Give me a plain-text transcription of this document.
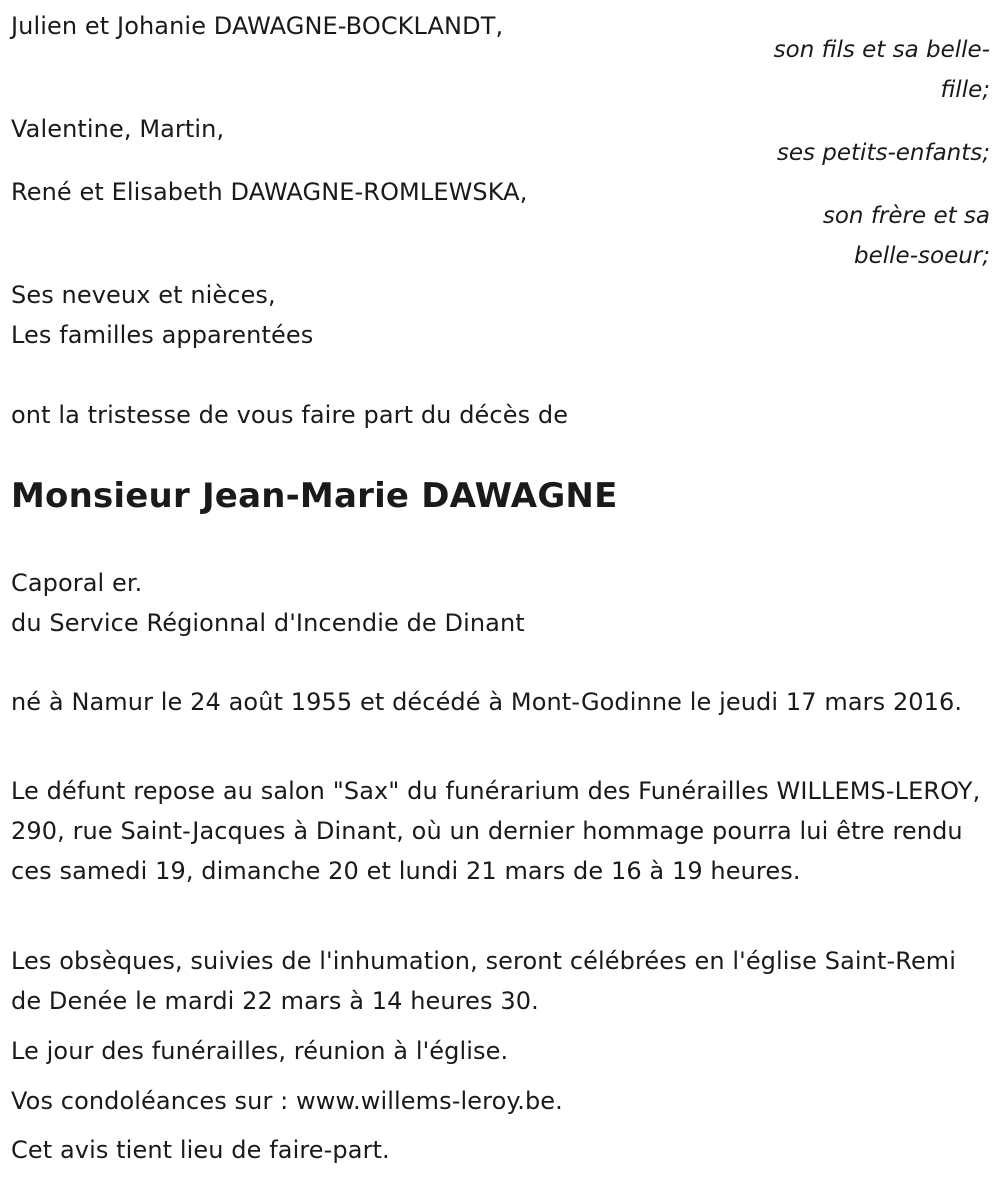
Julien et Johanie DAWAGNE-BOCKLANDT,
son fils et sa belle-
fille;
Valentine, Martin,
ses petits-enfants;
René et Elisabeth DAWAGNE-ROMLEWSKA,
son frère et sa
belle-soeur;
Ses neveux et nièces,
Les familles apparentées
ont la tristesse de vous faire part du décès de
Monsieur Jean-Marie DAWAGNE
Caporal er.
du Service Régionnal d'Incendie de Dinant
né à Namur le 24 août 1955 et décédé à Mont-Godinne le jeudi 17 mars 2016.
Le défunt repose au salon "Sax" du funérarium des Funérailles WILLEMS-LEROY, 290, rue Saint-Jacques à Dinant, où un dernier hommage pourra lui être rendu ces samedi 19, dimanche 20 et lundi 21 mars de 16 à 19 heures.
Les obsèques, suivies de l'inhumation, seront célébrées en l'église Saint-Remi de Denée le mardi 22 mars à 14 heures 30.
Le jour des funérailles, réunion à l'église.
Vos condoléances sur : www.willems-leroy.be.
Cet avis tient lieu de faire-part.
